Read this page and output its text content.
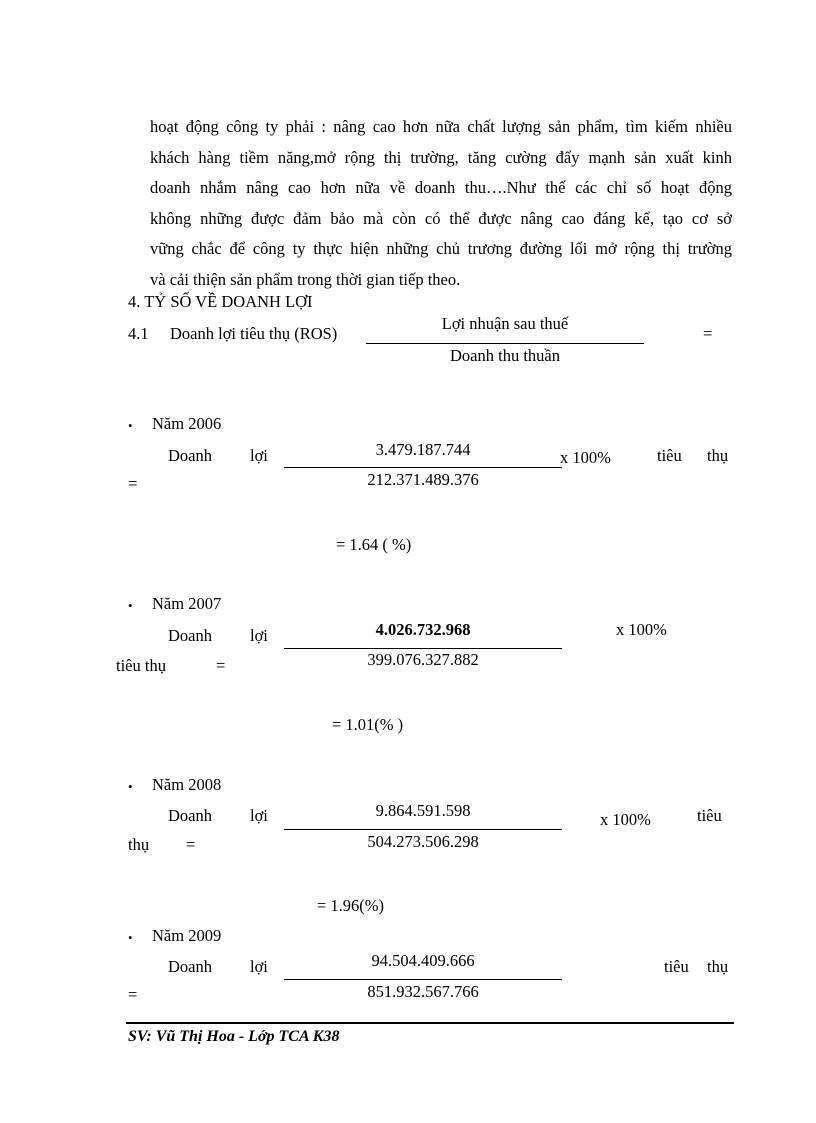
hoạt động công ty phải : nâng cao hơn nữa chất lượng sản phẩm, tìm kiếm nhiều
khách hàng tiềm năng,mở rộng thị trường, tăng cường đẩy mạnh sản xuất kinh
doanh nhắm nâng cao hơn nữa về doanh thu….Như thế các chỉ số hoạt động
không những được đảm bảo mà còn có thể được nâng cao đáng kể, tạo cơ sở
vững chắc để công ty thực hiện những chủ trương đường lối mở rộng thị trường
và cải thiện sản phẩm trong thời gian tiếp theo.
4. TỶ SỐ VỀ DOANH LỢI
4.1 Doanh lợi tiêu thụ (ROS)
Lợi nhuận sau thuế
Doanh thu thuần
=
• Năm 2006
Doanh lợi	3.479.187.744
212.371.489.376
x 100%	tiêu thụ
=
= 1.64 ( %)
• Năm 2007
Doanh lợi	4.026.732.968
399.076.327.882
x 100%
tiêu thụ	=
= 1.01(% )
• Năm 2008
Doanh lợi	9.864.591.598
504.273.506.298
x 100%	tiêu
thụ =
= 1.96(%)
• Năm 2009
Doanh lợi	94.504.409.666
851.932.567.766
tiêu thụ
=
SV: Vũ Thị Hoa - Lớp TCA K38
